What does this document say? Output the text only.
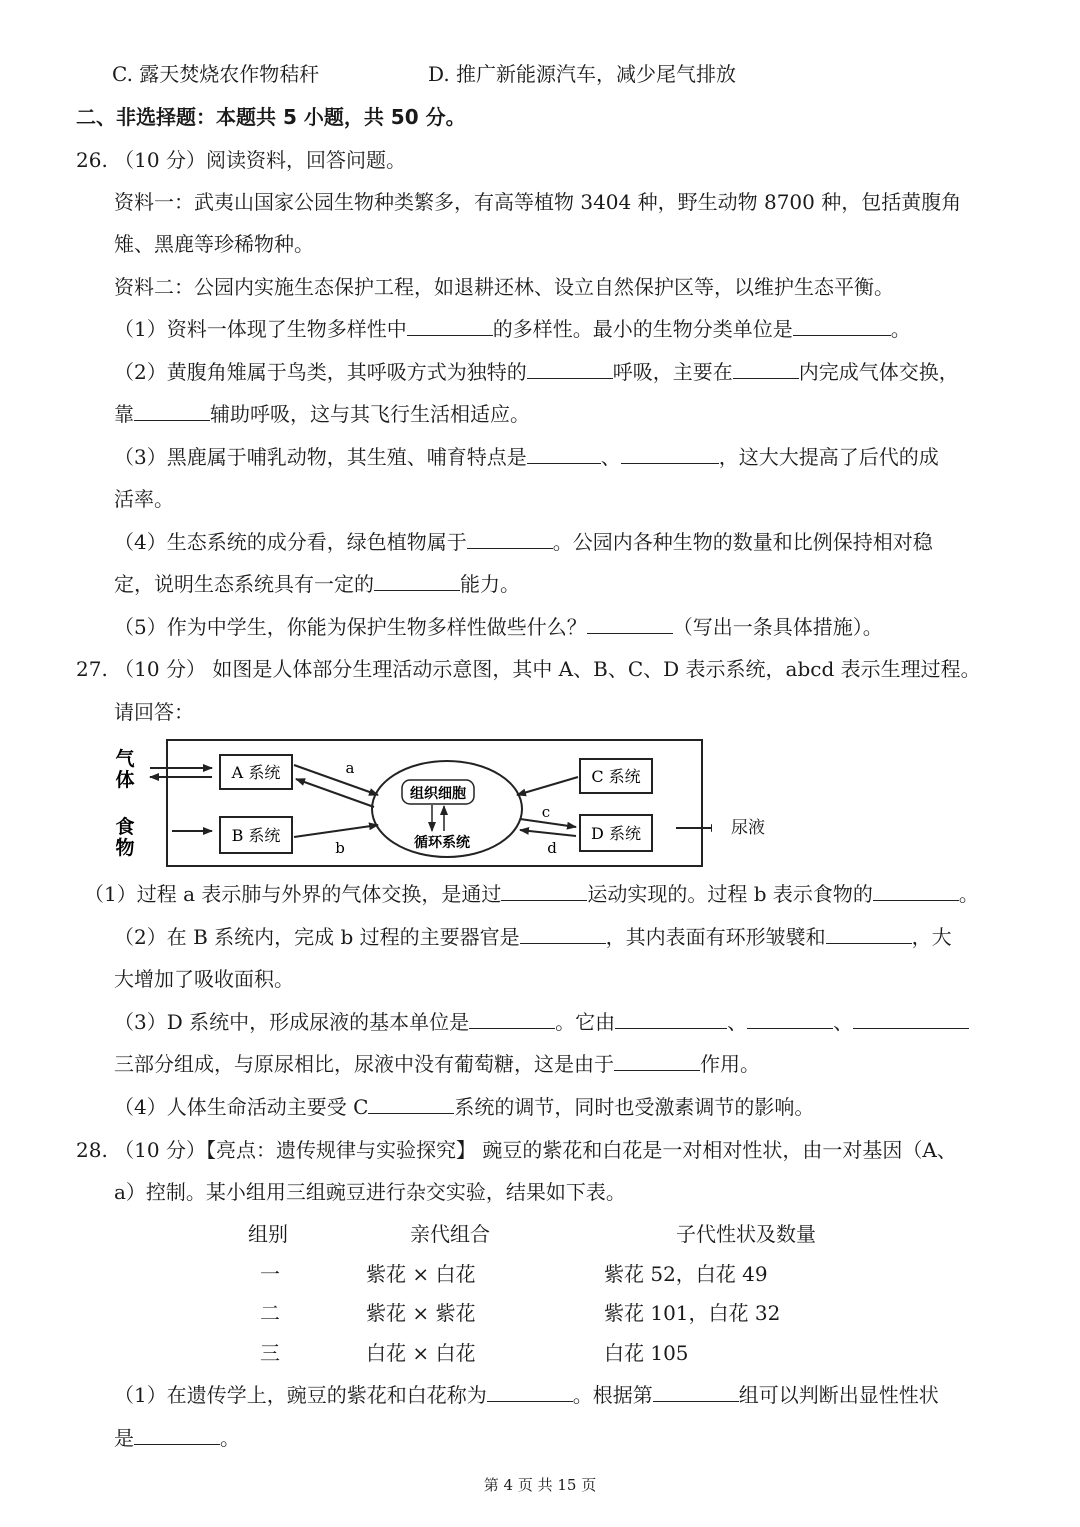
C. 露天焚烧农作物秸秆	D. 推广新能源汽车，减少尾气排放
二、非选择题：本题共 5 小题，共 50 分。
26. （10 分）阅读资料，回答问题。
资料一：武夷山国家公园生物种类繁多，有高等植物 3404 种，野生动物 8700 种，包括黄腹角
雉、黑鹿等珍稀物种。
资料二：公园内实施生态保护工程，如退耕还林、设立自然保护区等，以维护生态平衡。
（1）资料一体现了生物多样性中	的多样性。最小的生物分类单位是	。
（2）黄腹角雉属于鸟类，其呼吸方式为独特的	呼吸，主要在	内完成气体交换，
靠	辅助呼吸，这与其飞行生活相适应。
（3）黑鹿属于哺乳动物，其生殖、哺育特点是	、	，这大大提高了后代的成
活率。
（4）生态系统的成分看，绿色植物属于	。公园内各种生物的数量和比例保持相对稳
定，说明生态系统具有一定的	能力。
（5）作为中学生，你能为保护生物多样性做些什么？	（写出一条具体措施）。
27. （10 分） 如图是人体部分生理活动示意图，其中 A、B、C、D 表示系统，abcd 表示生理过程。
请回答：
气
体
食
物
A 系统
B 系统
组织细胞
循环系统
a
b
C 系统
D 系统
c
d
尿液
（1）过程 a 表示肺与外界的气体交换，是通过	运动实现的。过程 b 表示食物的	。
（2）在 B 系统内，完成 b 过程的主要器官是	，其内表面有环形皱襞和	，大
大增加了吸收面积。
（3）D 系统中，形成尿液的基本单位是	。它由	、	、
三部分组成，与原尿相比，尿液中没有葡萄糖，这是由于	作用。
（4）人体生命活动主要受 C	系统的调节，同时也受激素调节的影响。
28. （10 分）【亮点：遗传规律与实验探究】 豌豆的紫花和白花是一对相对性状，由一对基因（A、
a）控制。某小组用三组豌豆进行杂交实验，结果如下表。
组别	亲代组合	子代性状及数量
一	紫花 × 白花	紫花 52，白花 49
二	紫花 × 紫花	紫花 101，白花 32
三	白花 × 白花	白花 105
（1）在遗传学上，豌豆的紫花和白花称为	。根据第	组可以判断出显性性状
是	。
第 4 页 共 15 页
